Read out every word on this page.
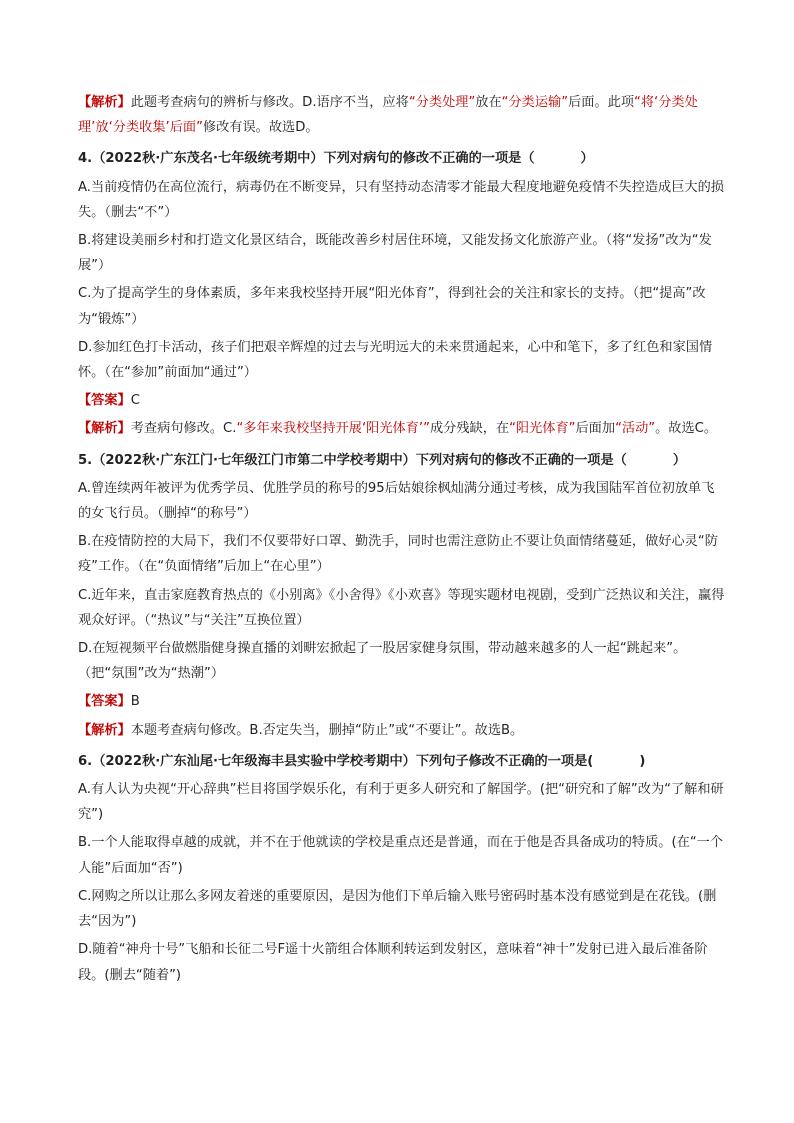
【解析】此题考查病句的辨析与修改。D.语序不当，应将“分类处理”放在“分类运输”后面。此项“将‘分类处理’放‘分类收集’后面”修改有误。故选D。

4.（2022秋·广东茂名·七年级统考期中）下列对病句的修改不正确的一项是（	）

A.当前疫情仍在高位流行，病毒仍在不断变异，只有坚持动态清零才能最大程度地避免疫情不失控造成巨大的损失。（删去“不”）

B.将建设美丽乡村和打造文化景区结合，既能改善乡村居住环境，又能发扬文化旅游产业。（将“发扬”改为“发展”）

C.为了提高学生的身体素质，多年来我校坚持开展“阳光体育”，得到社会的关注和家长的支持。（把“提高”改为“锻炼”）

D.参加红色打卡活动，孩子们把艰辛辉煌的过去与光明远大的未来贯通起来，心中和笔下，多了红色和家国情怀。（在“参加”前面加“通过”）

【答案】C

【解析】考查病句修改。C.“多年来我校坚持开展‘阳光体育’”成分残缺，在“阳光体育”后面加“活动”。故选C。

5.（2022秋·广东江门·七年级江门市第二中学校考期中）下列对病句的修改不正确的一项是（	）

A.曾连续两年被评为优秀学员、优胜学员的称号的95后姑娘徐枫灿满分通过考核，成为我国陆军首位初放单飞的女飞行员。（删掉“的称号”）

B.在疫情防控的大局下，我们不仅要带好口罩、勤洗手，同时也需注意防止不要让负面情绪蔓延，做好心灵“防疫”工作。（在“负面情绪”后加上“在心里”）

C.近年来，直击家庭教育热点的《小别离》《小舍得》《小欢喜》等现实题材电视剧，受到广泛热议和关注，赢得观众好评。（“热议”与“关注”互换位置）

D.在短视频平台做燃脂健身操直播的刘畊宏掀起了一股居家健身氛围，带动越来越多的人一起“跳起来”。（把“氛围”改为“热潮”）

【答案】B

【解析】本题考查病句修改。B.否定失当，删掉“防止”或“不要让”。故选B。

6.（2022秋·广东汕尾·七年级海丰县实验中学校考期中）下列句子修改不正确的一项是(	)

A.有人认为央视“开心辞典”栏目将国学娱乐化，有利于更多人研究和了解国学。(把“研究和了解”改为“了解和研究”)

B.一个人能取得卓越的成就，并不在于他就读的学校是重点还是普通，而在于他是否具备成功的特质。(在“一个人能”后面加“否”)

C.网购之所以让那么多网友着迷的重要原因，是因为他们下单后输入账号密码时基本没有感觉到是在花钱。(删去“因为”)

D.随着“神舟十号”飞船和长征二号F遥十火箭组合体顺利转运到发射区，意味着“神十”发射已进入最后准备阶段。(删去“随着”)
